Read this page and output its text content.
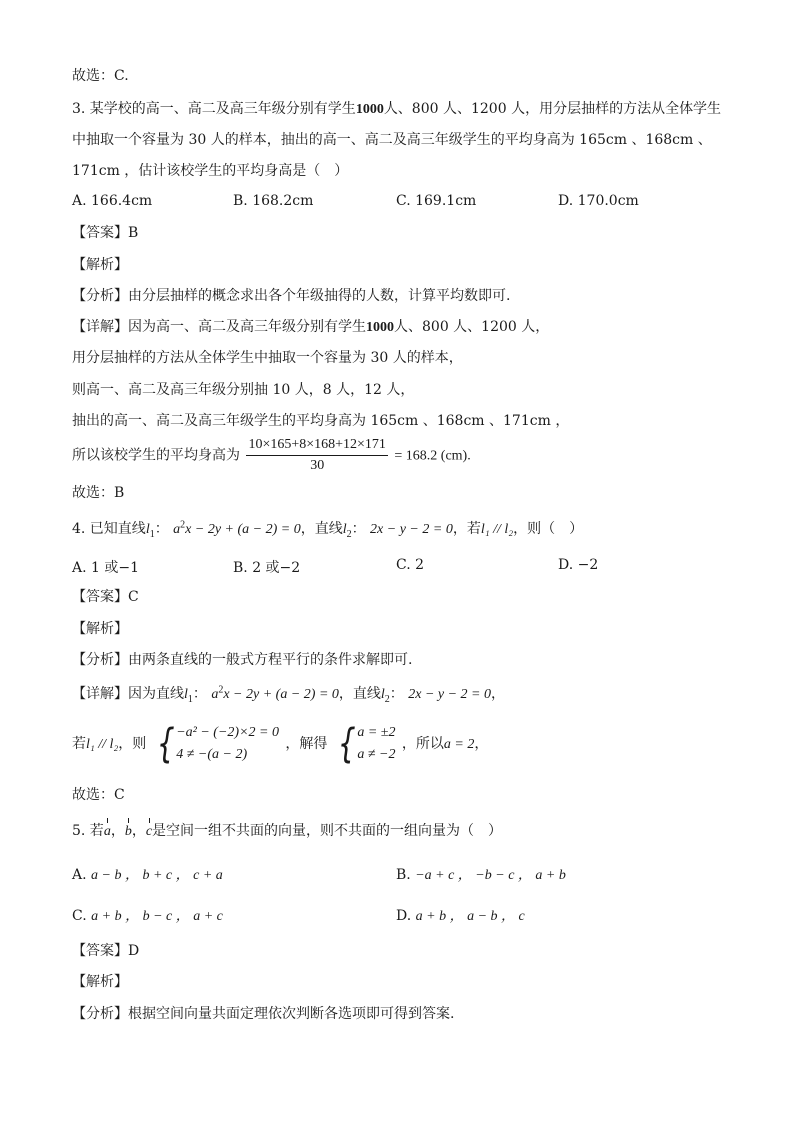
故选：C.
3. 某学校的高一、高二及高三年级分别有学生1000人、800 人、1200 人，用分层抽样的方法从全体学生
中抽取一个容量为 30 人的样本，抽出的高一、高二及高三年级学生的平均身高为 165cm 、168cm 、
171cm ，估计该校学生的平均身高是（　）
A. 166.4cm	B. 168.2cm	C. 169.1cm	D. 170.0cm
【答案】B
【解析】
【分析】由分层抽样的概念求出各个年级抽得的人数，计算平均数即可.
【详解】因为高一、高二及高三年级分别有学生1000人、800 人、1200 人，
用分层抽样的方法从全体学生中抽取一个容量为 30 人的样本，
则高一、高二及高三年级分别抽 10 人，8 人，12 人，
抽出的高一、高二及高三年级学生的平均身高为 165cm 、168cm 、171cm ，
所以该校学生的平均身高为 $\frac{10\times 165+8\times 168+12\times 171}{30} = 168.2$ (cm).
故选：B
4. 已知直线$l_1$： $a^2x - 2y + (a - 2) = 0$，直线$l_2$： 2x − y − 2 = 0，若l₁ // l₂，则（　）
A. 1 或−1	B. 2 或−2	C. 2	D. −2
【答案】C
【解析】
【分析】由两条直线的一般式方程平行的条件求解即可.
【详解】因为直线$l_1$： $a^2x - 2y + (a - 2) = 0$，直线$l_2$： 2x − y − 2 = 0，
若l₁ // l₂，则 { −a² − (−2)×2 = 0
4 ≠ −(a − 2)
，解得 { a = ±2
a ≠ −2
，所以a = 2，
故选：C
5. 若a，b，c是空间一组不共面的向量，则不共面的一组向量为（　）
A. a − b ， b + c ， c + a	B. −a + c ， −b − c ， a + b
C. a + b ， b − c ， a + c	D. a + b ， a − b ， c
【答案】D
【解析】
【分析】根据空间向量共面定理依次判断各选项即可得到答案.
